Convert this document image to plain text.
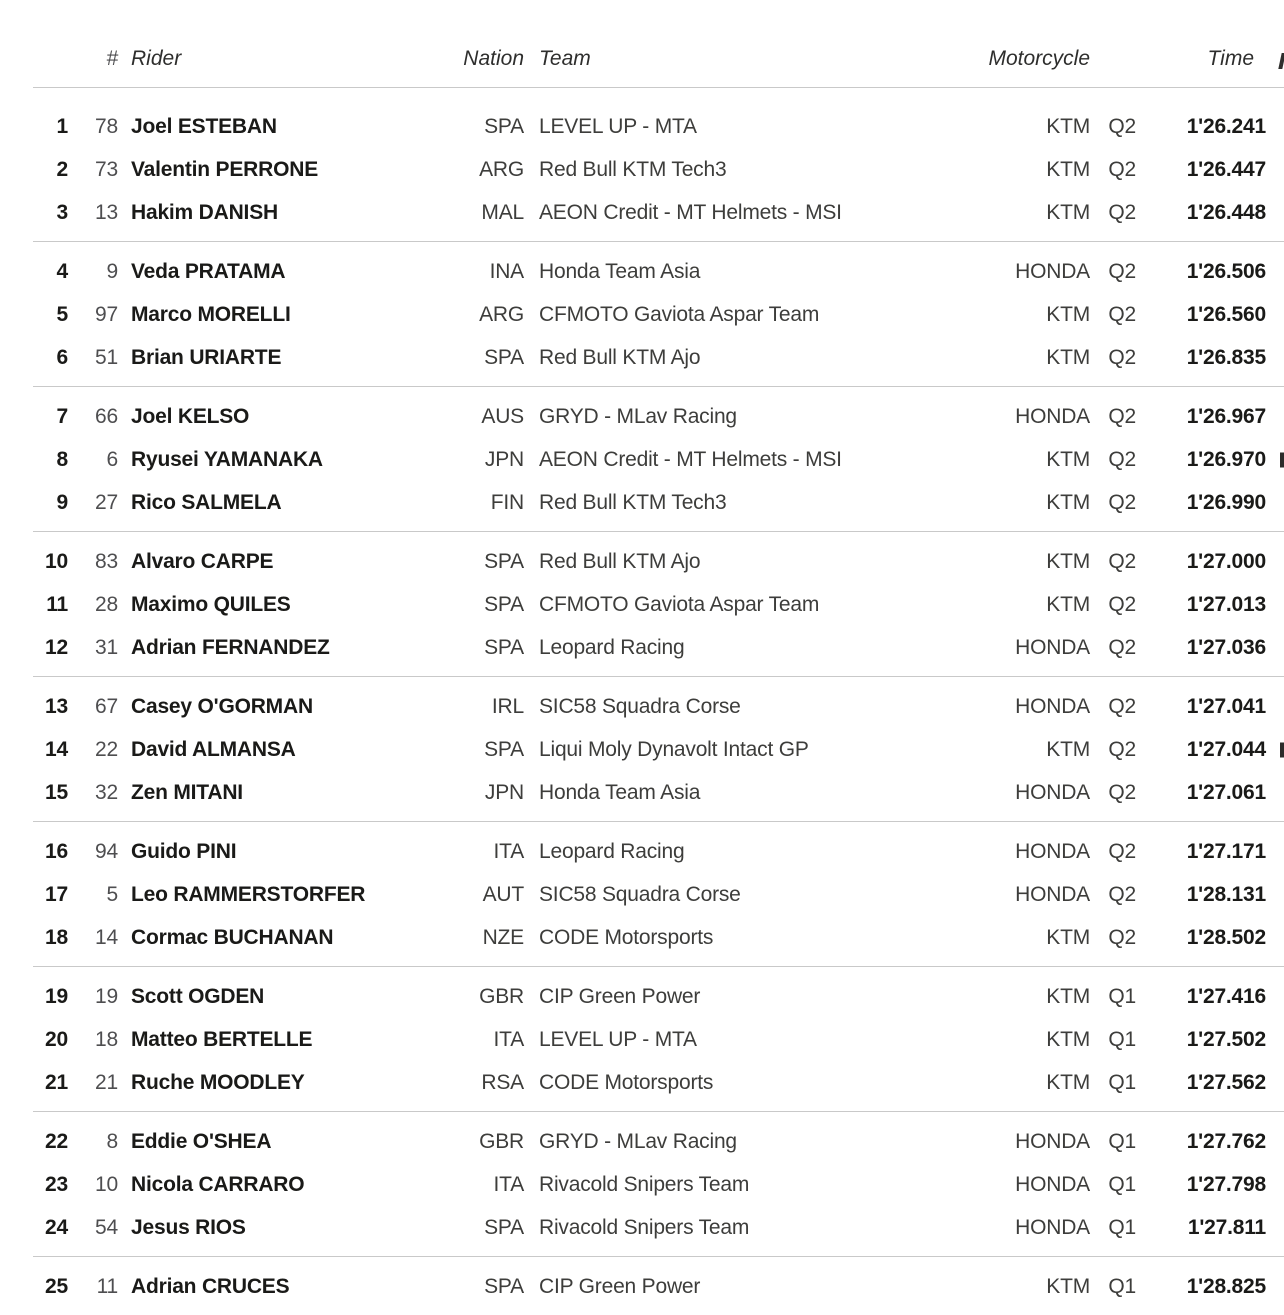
# Rider	Nation Team	Motorcycle	Time
1	78 Joel ESTEBAN	SPA LEVEL UP - MTA	KTM Q2	1'26.241
2	73 Valentin PERRONE	ARG Red Bull KTM Tech3	KTM Q2	1'26.447
3	13 Hakim DANISH	MAL AEON Credit - MT Helmets - MSI	KTM Q2	1'26.448
4	9 Veda PRATAMA	INA Honda Team Asia	HONDA Q2	1'26.506
5	97 Marco MORELLI	ARG CFMOTO Gaviota Aspar Team	KTM Q2	1'26.560
6	51 Brian URIARTE	SPA Red Bull KTM Ajo	KTM Q2	1'26.835
7	66 Joel KELSO	AUS GRYD - MLav Racing	HONDA Q2	1'26.967
8	6 Ryusei YAMANAKA	JPN AEON Credit - MT Helmets - MSI	KTM Q2	1'26.970
9	27 Rico SALMELA	FIN Red Bull KTM Tech3	KTM Q2	1'26.990
10	83 Alvaro CARPE	SPA Red Bull KTM Ajo	KTM Q2	1'27.000
11	28 Maximo QUILES	SPA CFMOTO Gaviota Aspar Team	KTM Q2	1'27.013
12	31 Adrian FERNANDEZ	SPA Leopard Racing	HONDA Q2	1'27.036
13	67 Casey O'GORMAN	IRL SIC58 Squadra Corse	HONDA Q2	1'27.041
14	22 David ALMANSA	SPA Liqui Moly Dynavolt Intact GP	KTM Q2	1'27.044
15	32 Zen MITANI	JPN Honda Team Asia	HONDA Q2	1'27.061
16	94 Guido PINI	ITA Leopard Racing	HONDA Q2	1'27.171
17	5 Leo RAMMERSTORFER	AUT SIC58 Squadra Corse	HONDA Q2	1'28.131
18	14 Cormac BUCHANAN	NZE CODE Motorsports	KTM Q2	1'28.502
19	19 Scott OGDEN	GBR CIP Green Power	KTM Q1	1'27.416
20	18 Matteo BERTELLE	ITA LEVEL UP - MTA	KTM Q1	1'27.502
21	21 Ruche MOODLEY	RSA CODE Motorsports	KTM Q1	1'27.562
22	8 Eddie O'SHEA	GBR GRYD - MLav Racing	HONDA Q1	1'27.762
23	10 Nicola CARRARO	ITA Rivacold Snipers Team	HONDA Q1	1'27.798
24	54 Jesus RIOS	SPA Rivacold Snipers Team	HONDA Q1	1'27.811
25	11 Adrian CRUCES	SPA CIP Green Power	KTM Q1	1'28.825
